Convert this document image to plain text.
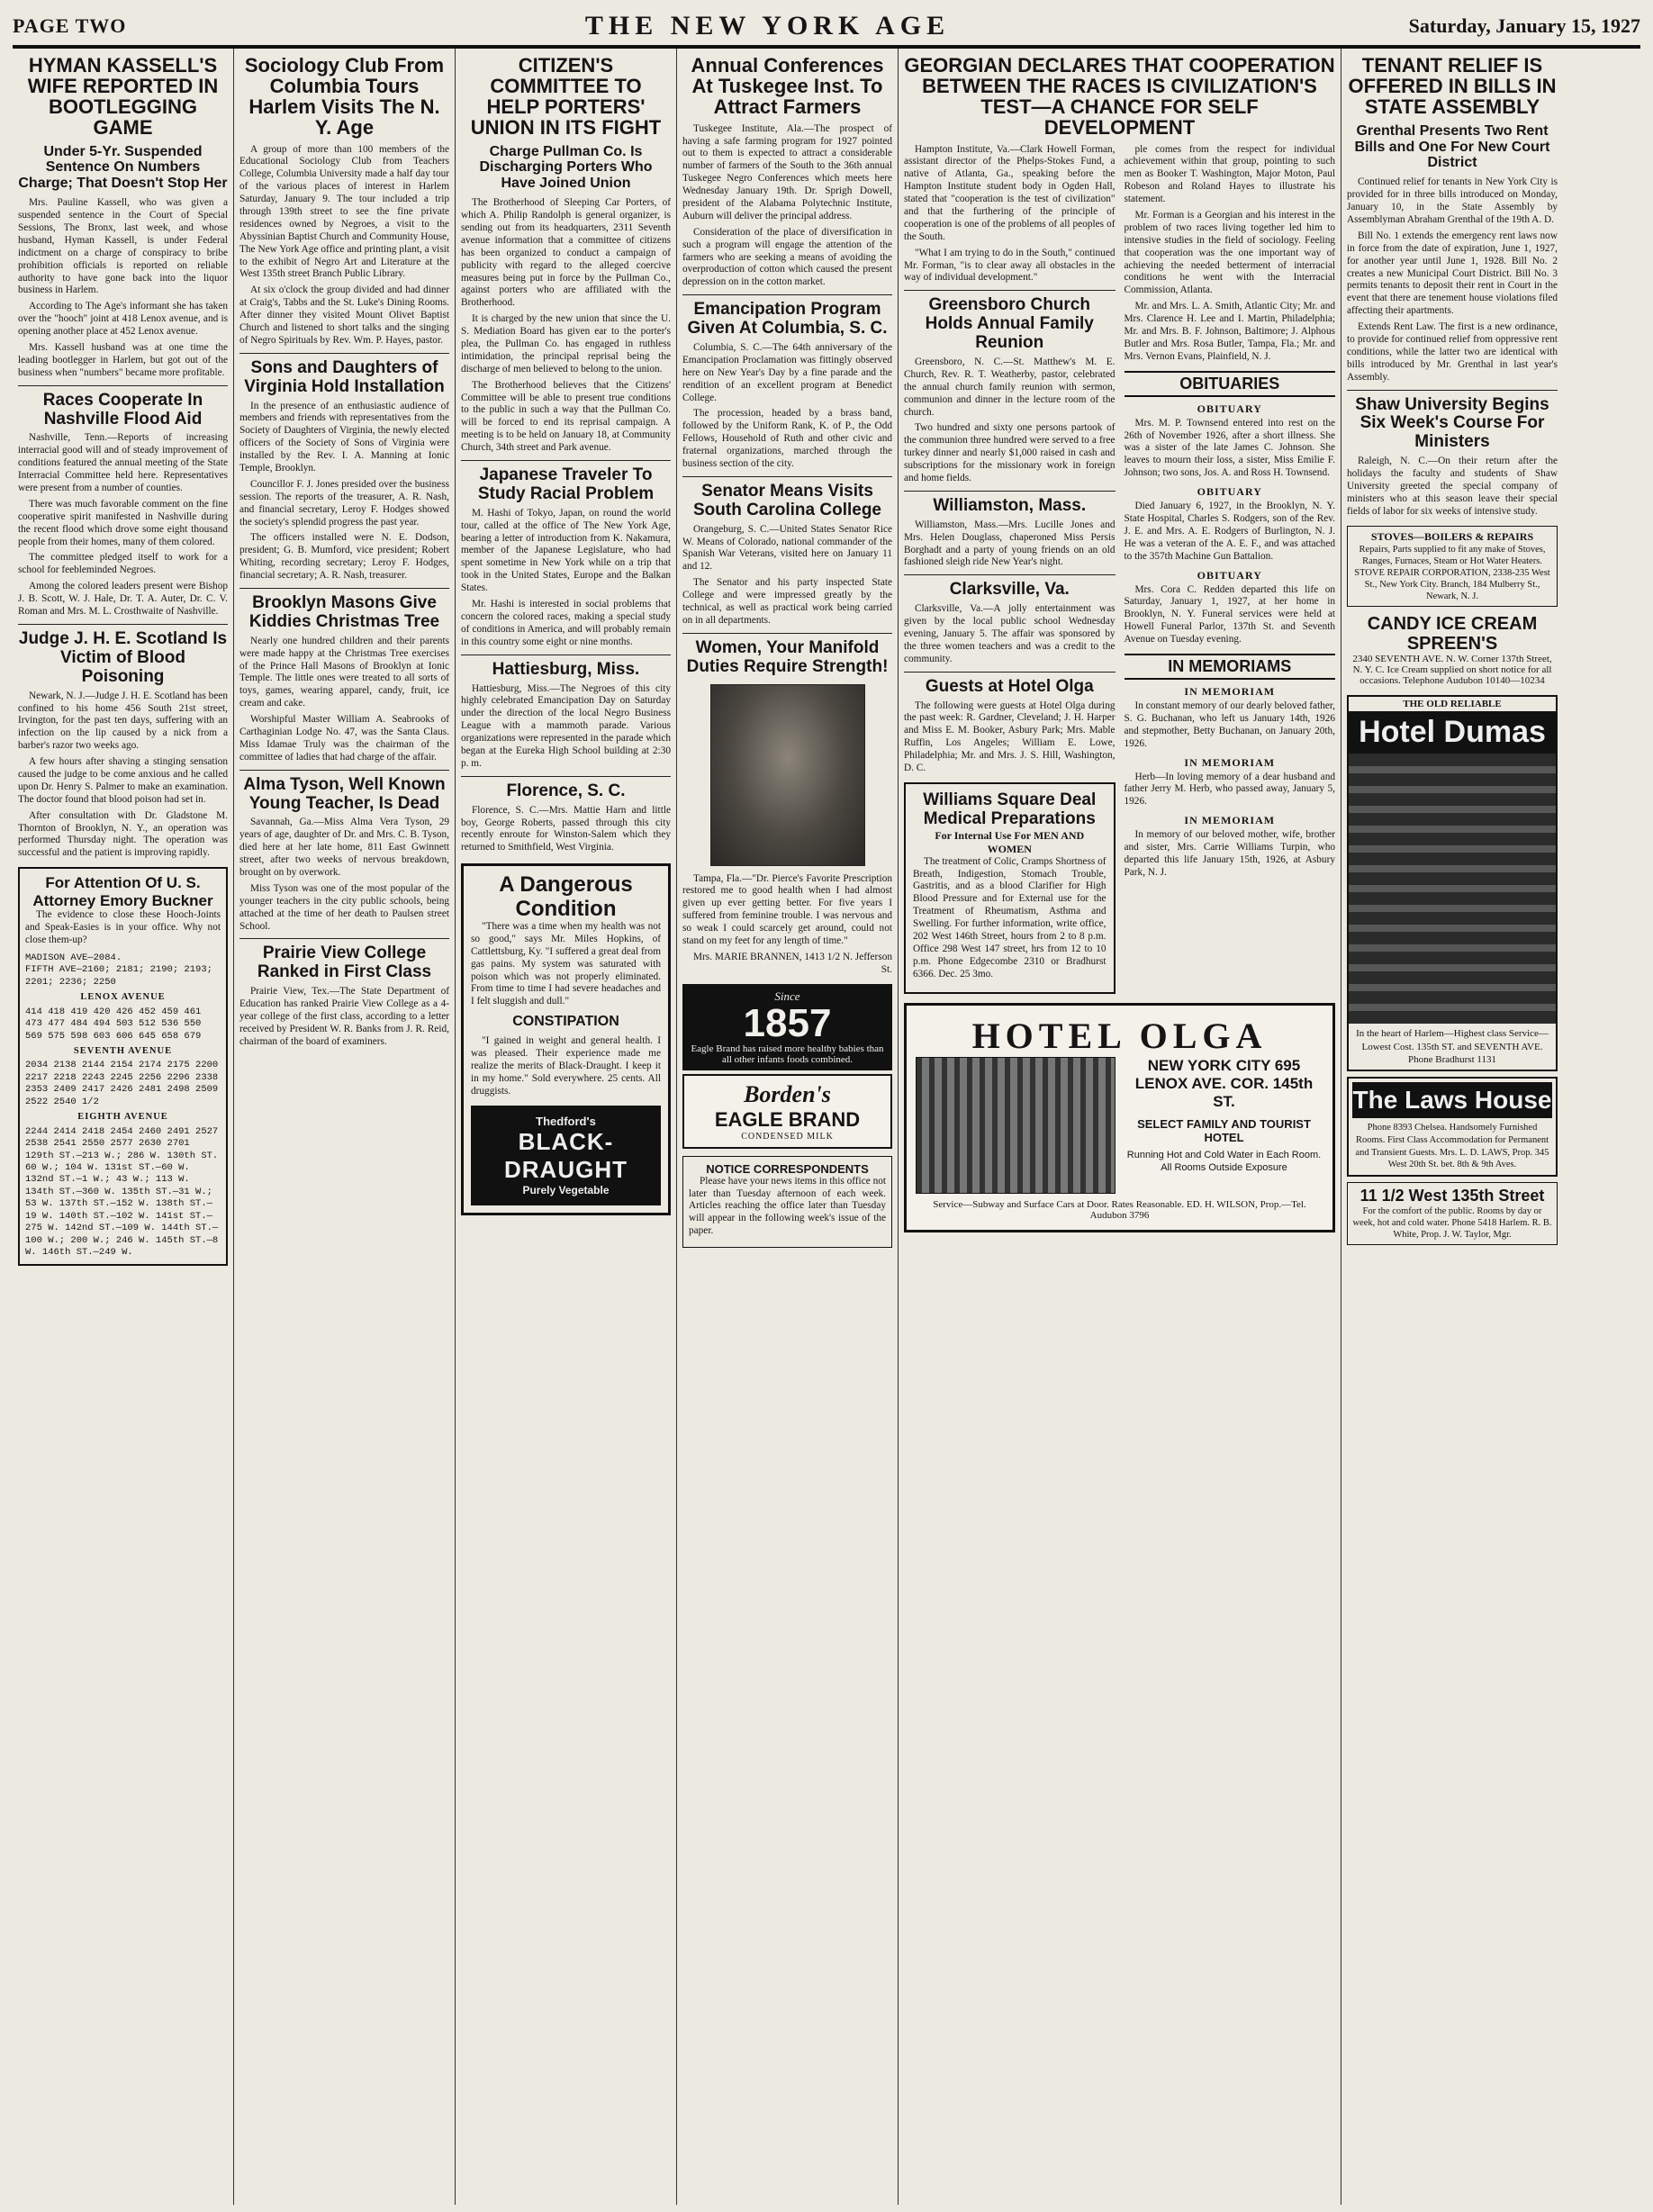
PAGE TWO	THE NEW YORK AGE	Saturday, January 15, 1927
HYMAN KASSELL'S WIFE REPORTED IN BOOTLEGGING GAME
Under 5-Yr. Suspended Sentence On Numbers Charge; That Doesn't Stop Her

Mrs. Pauline Kassell, who was given a suspended sentence in the Court of Special Sessions, The Bronx, last week, and whose husband, Hyman Kassell, is under Federal indictment on a charge of conspiracy to bribe prohibition officials is reported on reliable authority to have gone back into the liquor business in Harlem.

According to The Age's informant she has taken over the "hooch" joint at 418 Lenox avenue, and is opening another place at 452 Lenox avenue.

Mrs. Kassell husband was at one time the leading bootlegger in Harlem, but got out of the business when "numbers" became more profitable.

Races Cooperate In Nashville Flood Aid

Nashville, Tenn.—Reports of increasing interracial good will and of steady improvement of conditions featured the annual meeting of the State Interracial Committee held here. Representatives were present from a number of counties.

There was much favorable comment on the fine cooperative spirit manifested in Nashville during the recent flood which drove some eight thousand people from their homes, many of them colored.

The committee pledged itself to work for a school for feebleminded Negroes.

Among the colored leaders present were Bishop J. B. Scott, W. J. Hale, Dr. T. A. Auter, Dr. C. V. Roman and Mrs. M. L. Crosthwaite of Nashville.

Judge J. H. E. Scotland Is Victim of Blood Poisoning

Newark, N. J.—Judge J. H. E. Scotland has been confined to his home 456 South 21st street, Irvington, for the past ten days, suffering with an infection on the lip caused by a nick from a barber's razor two weeks ago.

A few hours after shaving a stinging sensation caused the judge to be come anxious and he called upon Dr. Henry S. Palmer to make an examination. The doctor found that blood poison had set in.

After consultation with Dr. Gladstone M. Thornton of Brooklyn, N. Y., an operation was performed Thursday night. The operation was successful and the patient is improving rapidly.

For Attention Of U. S. Attorney Emory Buckner

The evidence to close these Hooch-Joints and Speak-Easies is in your office. Why not close them-up?

MADISON AVE—2084.
FIFTH AVE—2160; 2181; 2190; 2193; 2201; 2236; 2250
LENOX AVENUE
414 418 419 420 426 452 459 461 473 477 484 494 503 512 536 550 569 575 598 603 606 645 658 679
SEVENTH AVENUE
2034 2138 2144 2154 2174 2175 2200 2217 2218 2243 2245 2256 2296 2338 2353 2409 2417 2426 2481 2498 2509 2522 2540 1/2
EIGHTH AVENUE
2244 2414 2418 2454 2460 2491 2527 2538 2541 2550 2577 2630 2701
129th ST.—213 W.; 286 W. 130th ST. 60 W.; 104 W. 131st ST.—60 W. 132nd ST.—1 W.; 43 W.; 113 W. 134th ST.—360 W. 135th ST.—31 W.; 53 W. 137th ST.—152 W. 138th ST.—19 W. 140th ST.—102 W. 141st ST.—275 W. 142nd ST.—109 W. 144th ST.—100 W.; 200 W.; 246 W. 145th ST.—8 W. 146th ST.—249 W.
Sociology Club From Columbia Tours Harlem Visits The N. Y. Age

A group of more than 100 members of the Educational Sociology Club from Teachers College, Columbia University made a half day tour of the various places of interest in Harlem Saturday, January 9. The tour included a trip through 139th street to see the fine private residences owned by Negroes, a visit to the Abyssinian Baptist Church and Community House, The New York Age office and printing plant, a visit to the exhibit of Negro Art and Literature at the West 135th street Branch Public Library.

At six o'clock the group divided and had dinner at Craig's, Tabbs and the St. Luke's Dining Rooms. After dinner they visited Mount Olivet Baptist Church and listened to short talks and the singing of Negro Spirituals by Rev. Wm. P. Hayes, pastor.

Sons and Daughters of Virginia Hold Installation

In the presence of an enthusiastic audience of members and friends with representatives from the Society of Daughters of Virginia, the newly elected officers of the Society of Sons of Virginia were installed by the Rev. I. A. Manning at Ionic Temple, Brooklyn.

Councillor F. J. Jones presided over the business session. The reports of the treasurer, A. R. Nash, and financial secretary, Leroy F. Hodges showed the society's splendid progress the past year.

The officers installed were N. E. Dodson, president; G. B. Mumford, vice president; Robert Whiting, recording secretary; Leroy F. Hodges, financial secretary; A. R. Nash, treasurer.

Brooklyn Masons Give Kiddies Christmas Tree

Nearly one hundred children and their parents were made happy at the Christmas Tree exercises of the Prince Hall Masons of Brooklyn at Ionic Temple. The little ones were treated to all sorts of toys, games, wearing apparel, candy, fruit, ice cream and cake.

Worshipful Master William A. Seabrooks of Carthaginian Lodge No. 47, was the Santa Claus. Miss Idamae Truly was the chairman of the committee of ladies that had charge of the affair.

Alma Tyson, Well Known Young Teacher, Is Dead

Savannah, Ga.—Miss Alma Vera Tyson, 29 years of age, daughter of Dr. and Mrs. C. B. Tyson, died here at her late home, 811 East Gwinnett street, after two weeks of nervous breakdown, brought on by overwork.

Miss Tyson was one of the most popular of the younger teachers in the city public schools, being attached at the time of her death to Paulsen street School.

Prairie View College Ranked in First Class

Prairie View, Tex.—The State Department of Education has ranked Prairie View College as a 4-year college of the first class, according to a letter received by President W. R. Banks from J. R. Reid, chairman of the board of examiners.

CITIZEN'S COMMITTEE TO HELP PORTERS' UNION IN ITS FIGHT
Charge Pullman Co. Is Discharging Porters Who Have Joined Union

The Brotherhood of Sleeping Car Porters, of which A. Philip Randolph is general organizer, is sending out from its headquarters, 2311 Seventh avenue information that a committee of citizens has been organized to conduct a campaign of publicity with regard to the alleged coercive measures being put in force by the Pullman Co., against porters who are affiliated with the Brotherhood.

It is charged by the new union that since the U. S. Mediation Board has given ear to the porter's plea, the Pullman Co. has engaged in ruthless intimidation, the principal reprisal being the discharge of men believed to belong to the union.

The Brotherhood believes that the Citizens' Committee will be able to present true conditions to the public in such a way that the Pullman Co. will be forced to end its reprisal campaign. A meeting is to be held on January 18, at Community Church, 34th street and Park avenue.

Japanese Traveler To Study Racial Problem

M. Hashi of Tokyo, Japan, on round the world tour, called at the office of The New York Age, bearing a letter of introduction from K. Nakamura, member of the Japanese Legislature, who had spent sometime in New York while on a trip that took in the United States, Europe and the Balkan States.

Mr. Hashi is interested in social problems that concern the colored races, making a special study of conditions in America, and will probably remain in this country some eight or nine months.

Hattiesburg, Miss.

Hattiesburg, Miss.—The Negroes of this city highly celebrated Emancipation Day on Saturday under the direction of the local Negro Business League with a mammoth parade. Various organizations were represented in the parade which began at the Eureka High School building at 2:30 p. m.

Florence, S. C.

Florence, S. C.—Mrs. Mattie Harn and little boy, George Roberts, passed through this city recently enroute for Winston-Salem which they returned to Smithfield, West Virginia.

A Dangerous Condition

"There was a time when my health was not so good," says Mr. Miles Hopkins, of Cattlettsburg, Ky. "I suffered a great deal from gas pains. My system was saturated with poison which was not properly eliminated. From time to time I had severe headaches and I felt sluggish and dull."

CONSTIPATION

"I gained in weight and general health. I was pleased. Their experience made me realize the merits of Black-Draught. I keep it in my home." Sold everywhere. 25 cents. All druggists.

Thedford's
BLACK-DRAUGHT
Purely Vegetable
Annual Conferences At Tuskegee Inst. To Attract Farmers

Tuskegee Institute, Ala.—The prospect of having a safe farming program for 1927 pointed out to them is expected to attract a considerable number of farmers of the South to the 36th annual Tuskegee Negro Conferences which meets here Wednesday January 19th. Dr. Sprigh Dowell, president of the Alabama Polytechnic Institute, Auburn will deliver the principal address.

Consideration of the place of diversification in such a program will engage the attention of the farmers who are seeking a means of avoiding the overproduction of cotton which caused the present depression on in the cotton market.

Emancipation Program Given At Columbia, S. C.

Columbia, S. C.—The 64th anniversary of the Emancipation Proclamation was fittingly observed here on New Year's Day by a fine parade and the rendition of an excellent program at Benedict College.

The procession, headed by a brass band, followed by the Uniform Rank, K. of P., the Odd Fellows, Household of Ruth and other civic and fraternal organizations, marched through the business section of the city.

Senator Means Visits South Carolina College

Orangeburg, S. C.—United States Senator Rice W. Means of Colorado, national commander of the Spanish War Veterans, visited here on January 11 and 12.

The Senator and his party inspected State College and were impressed greatly by the technical, as well as practical work being carried on in all departments.

Women, Your Manifold Duties Require Strength!

Tampa, Fla.—"Dr. Pierce's Favorite Prescription restored me to good health when I had almost given up ever getting better. For five years I suffered from feminine trouble. I was nervous and so weak I could scarcely get around, could not stand on my feet for any length of time."

Mrs. MARIE BRANNEN, 1413 1/2 N. Jefferson St.

Since
1857
Eagle Brand has raised more healthy babies than all other infants foods combined.
Borden's
EAGLE BRAND
CONDENSED MILK
NOTICE CORRESPONDENTS

Please have your news items in this office not later than Tuesday afternoon of each week. Articles reaching the office later than Tuesday will appear in the following week's issue of the paper.

GEORGIAN DECLARES THAT COOPERATION BETWEEN THE RACES IS CIVILIZATION'S TEST—A CHANCE FOR SELF DEVELOPMENT

Hampton Institute, Va.—Clark Howell Forman, assistant director of the Phelps-Stokes Fund, a native of Atlanta, Ga., speaking before the Hampton Institute student body in Ogden Hall, stated that "cooperation is the test of civilization" and that the furthering of the principle of cooperation is one of the problems of all peoples of the South.

"What I am trying to do in the South," continued Mr. Forman, "is to clear away all obstacles in the way of individual development."

Greensboro Church Holds Annual Family Reunion

Greensboro, N. C.—St. Matthew's M. E. Church, Rev. R. T. Weatherby, pastor, celebrated the annual church family reunion with sermon, communion and dinner in the lecture room of the church.

Two hundred and sixty one persons partook of the communion three hundred were served to a free turkey dinner and nearly $1,000 raised in cash and subscriptions for the missionary work in foreign and home fields.

Williamston, Mass.

Williamston, Mass.—Mrs. Lucille Jones and Mrs. Helen Douglass, chaperoned Miss Persis Borghadt and a party of young friends on an old fashioned sleigh ride New Year's night.

Clarksville, Va.

Clarksville, Va.—A jolly entertainment was given by the local public school Wednesday evening, January 5. The affair was sponsored by the three women teachers and was a credit to the community.

Guests at Hotel Olga

The following were guests at Hotel Olga during the past week: R. Gardner, Cleveland; J. H. Harper and Miss E. M. Booker, Asbury Park; Mrs. Mable Ruffin, Los Angeles; William E. Lowe, Philadelphia; Mr. and Mrs. J. S. Hill, Washington, D. C.

Williams Square Deal Medical Preparations
For Internal Use For MEN AND WOMEN

The treatment of Colic, Cramps Shortness of Breath, Indigestion, Stomach Trouble, Gastritis, and as a blood Clarifier for High Blood Pressure and for External use for the Treatment of Rheumatism, Asthma and Swelling. For further information, write office, 202 West 146th Street, hours from 2 to 8 p.m. Office 298 West 147 street, hrs from 12 to 10 p.m. Phone Edgecombe 2310 or Bradhurst 6366. Dec. 25 3mo.

ple comes from the respect for individual achievement within that group, pointing to such men as Booker T. Washington, Major Moton, Paul Robeson and Roland Hayes to illustrate his statement.

Mr. Forman is a Georgian and his interest in the problem of two races living together led him to intensive studies in the field of sociology. Feeling that cooperation was the one important way of achieving the needed betterment of interracial conditions he went with the Interracial Commission, Atlanta.

Mr. and Mrs. L. A. Smith, Atlantic City; Mr. and Mrs. Clarence H. Lee and I. Martin, Philadelphia; Mr. and Mrs. B. F. Johnson, Baltimore; J. Alphous Butler and Mrs. Rosa Butler, Tampa, Fla.; Mr. and Mrs. Vernon Evans, Plainfield, N. J.

OBITUARIES
OBITUARY

Mrs. M. P. Townsend entered into rest on the 26th of November 1926, after a short illness. She was a sister of the late James C. Johnson. She leaves to mourn their loss, a sister, Miss Emilie F. Johnson; two sons, Jos. A. and Ross H. Townsend.

OBITUARY

Died January 6, 1927, in the Brooklyn, N. Y. State Hospital, Charles S. Rodgers, son of the Rev. J. E. and Mrs. A. E. Rodgers of Burlington, N. J. He was a veteran of the A. E. F., and was attached to the 357th Machine Gun Battalion.

OBITUARY

Mrs. Cora C. Redden departed this life on Saturday, January 1, 1927, at her home in Brooklyn, N. Y. Funeral services were held at Howell Funeral Parlor, 137th St. and Seventh Avenue on Tuesday evening.

IN MEMORIAMS
IN MEMORIAM

In constant memory of our dearly beloved father, S. G. Buchanan, who left us January 14th, 1926 and stepmother, Betty Buchanan, on January 20th, 1926.

IN MEMORIAM

Herb—In loving memory of a dear husband and father Jerry M. Herb, who passed away, January 5, 1926.

IN MEMORIAM

In memory of our beloved mother, wife, brother and sister, Mrs. Carrie Williams Turpin, who departed this life January 15th, 1926, at Asbury Park, N. J.

HOTEL OLGA
NEW YORK CITY 695 LENOX AVE. COR. 145th ST.
SELECT FAMILY AND TOURIST HOTEL
Running Hot and Cold Water in Each Room. All Rooms Outside Exposure
Service—Subway and Surface Cars at Door. Rates Reasonable. ED. H. WILSON, Prop.—Tel. Audubon 3796
TENANT RELIEF IS OFFERED IN BILLS IN STATE ASSEMBLY
Grenthal Presents Two Rent Bills and One For New Court District

Continued relief for tenants in New York City is provided for in three bills introduced on Monday, January 10, in the State Assembly by Assemblyman Abraham Grenthal of the 19th A. D.

Bill No. 1 extends the emergency rent laws now in force from the date of expiration, June 1, 1927, for another year until June 1, 1928. Bill No. 2 creates a new Municipal Court District. Bill No. 3 permits tenants to deposit their rent in Court in the event that there are tenement house violations filed affecting their apartments.

Extends Rent Law. The first is a new ordinance, to provide for continued relief from oppressive rent conditions, while the latter two are identical with bills introduced by Mr. Grenthal in last year's Assembly.

Shaw University Begins Six Week's Course For Ministers

Raleigh, N. C.—On their return after the holidays the faculty and students of Shaw University greeted the special company of ministers who at this season leave their special fields of labor for six weeks of intensive study.

STOVES—BOILERS & REPAIRS
Repairs, Parts supplied to fit any make of Stoves, Ranges, Furnaces, Steam or Hot Water Heaters. STOVE REPAIR CORPORATION, 2338-235 West St., New York City. Branch, 184 Mulberry St., Newark, N. J.
CANDY ICE CREAM
SPREEN'S
2340 SEVENTH AVE. N. W. Corner 137th Street, N. Y. C. Ice Cream supplied on short notice for all occasions. Telephone Audubon 10140—10234
THE OLD RELIABLE
Hotel Dumas
In the heart of Harlem—Highest class Service—Lowest Cost. 135th ST. and SEVENTH AVE. Phone Bradhurst 1131
The Laws House
Phone 8393 Chelsea. Handsomely Furnished Rooms. First Class Accommodation for Permanent and Transient Guests. Mrs. L. D. LAWS, Prop. 345 West 20th St. bet. 8th & 9th Aves.
11 1/2 West 135th Street
For the comfort of the public. Rooms by day or week, hot and cold water. Phone 5418 Harlem. R. B. White, Prop. J. W. Taylor, Mgr.
